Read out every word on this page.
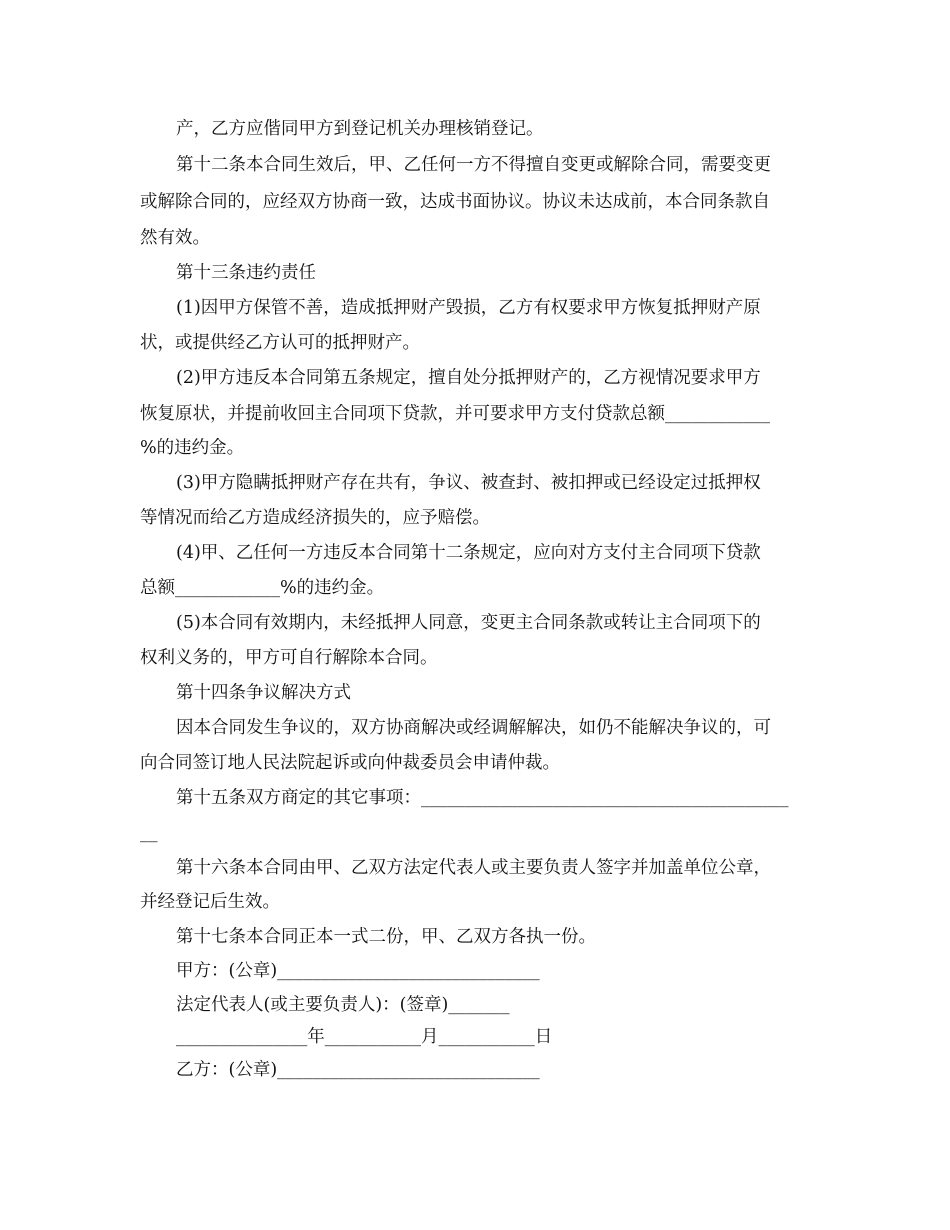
产，乙方应偕同甲方到登记机关办理核销登记。
第十二条本合同生效后，甲、乙任何一方不得擅自变更或解除合同，需要变更
或解除合同的，应经双方协商一致，达成书面协议。协议未达成前，本合同条款自
然有效。
第十三条违约责任
(1)因甲方保管不善，造成抵押财产毁损，乙方有权要求甲方恢复抵押财产原
状，或提供经乙方认可的抵押财产。
(2)甲方违反本合同第五条规定，擅自处分抵押财产的，乙方视情况要求甲方
恢复原状，并提前收回主合同项下贷款，并可要求甲方支付贷款总额____________
%的违约金。
(3)甲方隐瞒抵押财产存在共有，争议、被查封、被扣押或已经设定过抵押权
等情况而给乙方造成经济损失的，应予赔偿。
(4)甲、乙任何一方违反本合同第十二条规定，应向对方支付主合同项下贷款
总额____________%的违约金。
(5)本合同有效期内，未经抵押人同意，变更主合同条款或转让主合同项下的
权利义务的，甲方可自行解除本合同。
第十四条争议解决方式
因本合同发生争议的，双方协商解决或经调解解决，如仍不能解决争议的，可
向合同签订地人民法院起诉或向仲裁委员会申请仲裁。
第十五条双方商定的其它事项：__________________________________________
__
第十六条本合同由甲、乙双方法定代表人或主要负责人签字并加盖单位公章，
并经登记后生效。
第十七条本合同正本一式二份，甲、乙双方各执一份。
甲方：(公章)______________________________
法定代表人(或主要负责人)：(签章)_______
_______________年___________月___________日
乙方：(公章)______________________________
